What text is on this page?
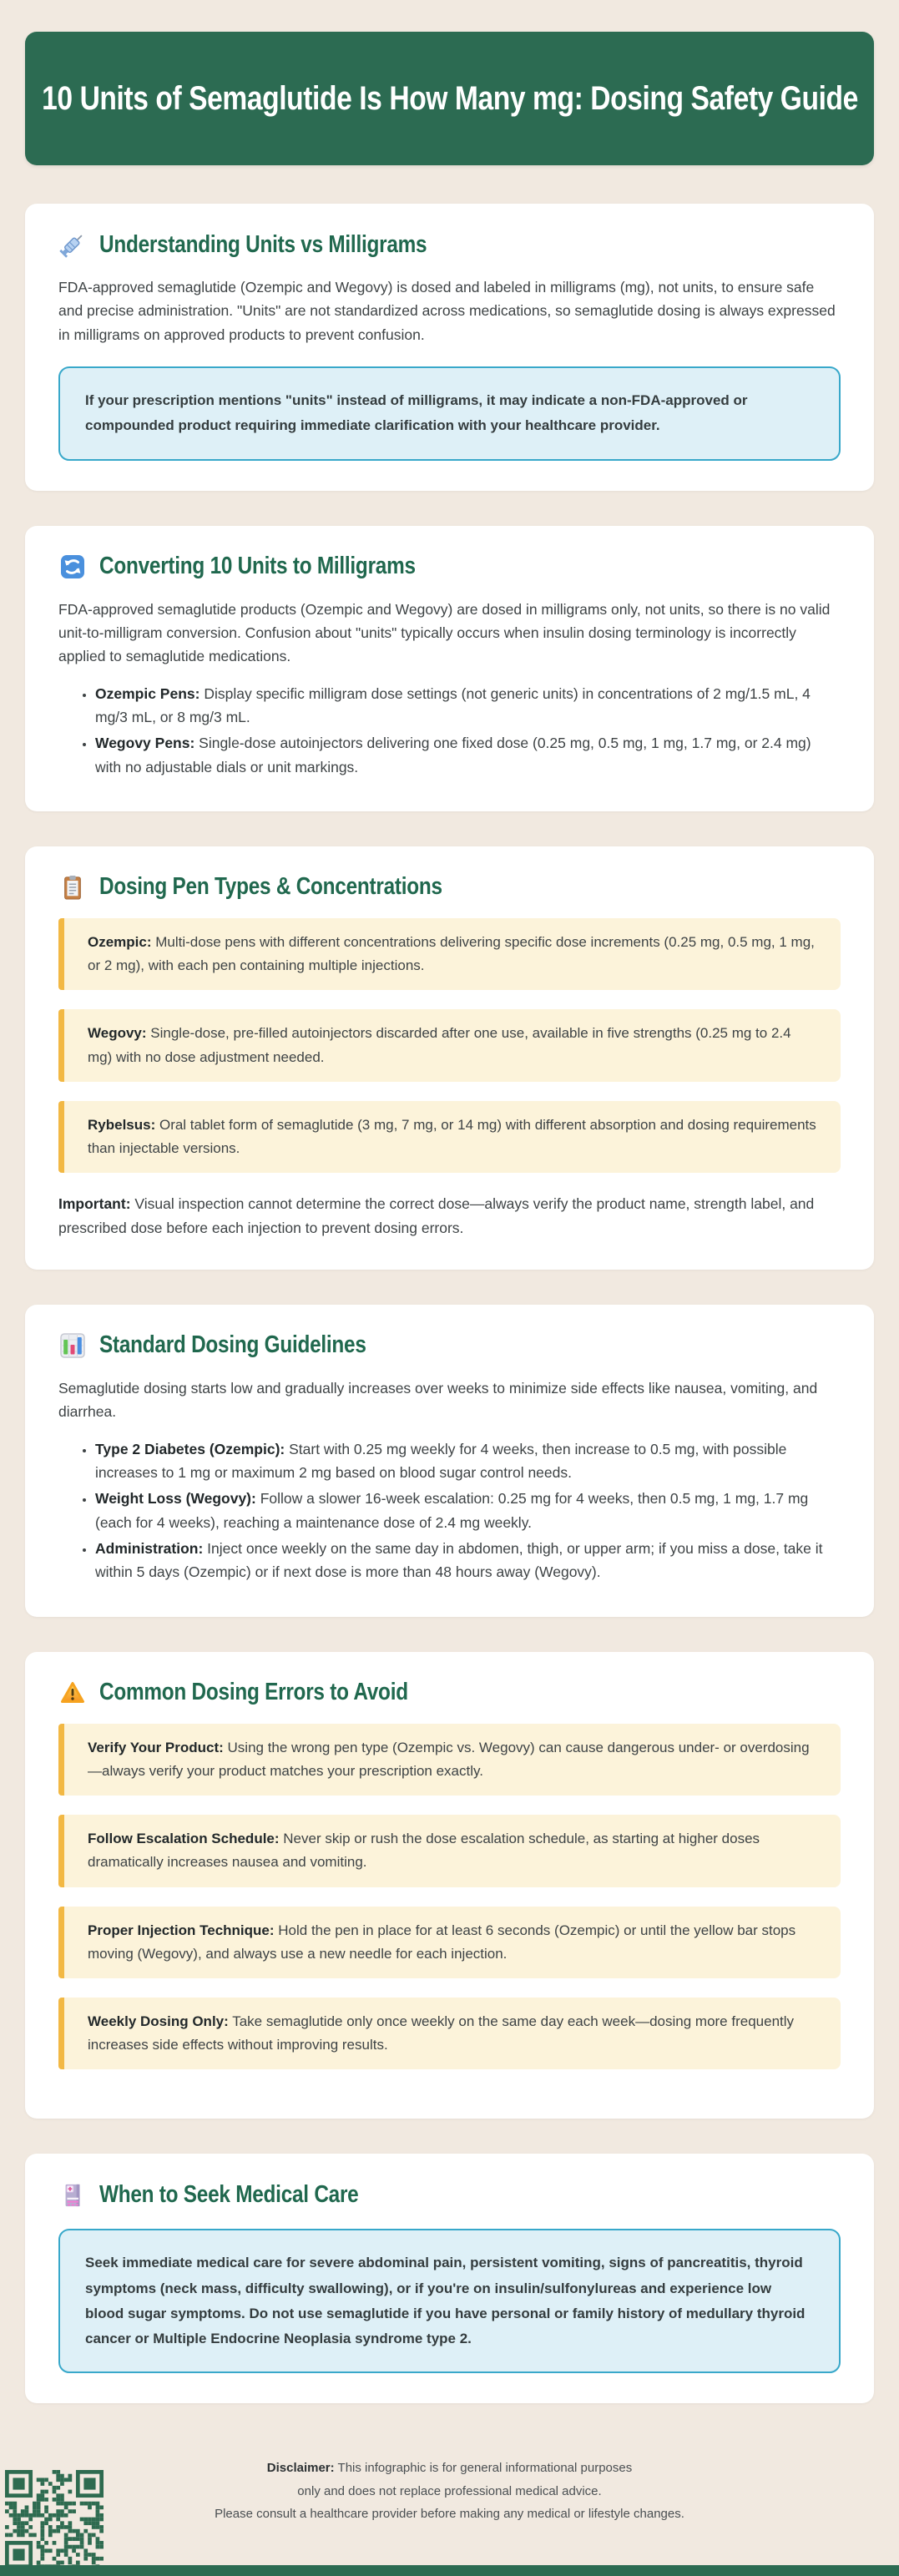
10 Units of Semaglutide Is How Many mg: Dosing Safety Guide
Understanding Units vs Milligrams

FDA-approved semaglutide (Ozempic and Wegovy) is dosed and labeled in milligrams (mg), not units, to ensure safe and precise administration. "Units" are not standardized across medications, so semaglutide dosing is always expressed in milligrams on approved products to prevent confusion.

If your prescription mentions "units" instead of milligrams, it may indicate a non-FDA-approved or compounded product requiring immediate clarification with your healthcare provider.
Converting 10 Units to Milligrams

FDA-approved semaglutide products (Ozempic and Wegovy) are dosed in milligrams only, not units, so there is no valid unit-to-milligram conversion. Confusion about "units" typically occurs when insulin dosing terminology is incorrectly applied to semaglutide medications.

• Ozempic Pens: Display specific milligram dose settings (not generic units) in concentrations of 2 mg/1.5 mL, 4 mg/3 mL, or 8 mg/3 mL.
• Wegovy Pens: Single-dose autoinjectors delivering one fixed dose (0.25 mg, 0.5 mg, 1 mg, 1.7 mg, or 2.4 mg) with no adjustable dials or unit markings.
Dosing Pen Types & Concentrations
Ozempic: Multi-dose pens with different concentrations delivering specific dose increments (0.25 mg, 0.5 mg, 1 mg, or 2 mg), with each pen containing multiple injections.
Wegovy: Single-dose, pre-filled autoinjectors discarded after one use, available in five strengths (0.25 mg to 2.4 mg) with no dose adjustment needed.
Rybelsus: Oral tablet form of semaglutide (3 mg, 7 mg, or 14 mg) with different absorption and dosing requirements than injectable versions.

Important: Visual inspection cannot determine the correct dose—always verify the product name, strength label, and prescribed dose before each injection to prevent dosing errors.

Standard Dosing Guidelines

Semaglutide dosing starts low and gradually increases over weeks to minimize side effects like nausea, vomiting, and diarrhea.

• Type 2 Diabetes (Ozempic): Start with 0.25 mg weekly for 4 weeks, then increase to 0.5 mg, with possible increases to 1 mg or maximum 2 mg based on blood sugar control needs.
• Weight Loss (Wegovy): Follow a slower 16-week escalation: 0.25 mg for 4 weeks, then 0.5 mg, 1 mg, 1.7 mg (each for 4 weeks), reaching a maintenance dose of 2.4 mg weekly.
• Administration: Inject once weekly on the same day in abdomen, thigh, or upper arm; if you miss a dose, take it within 5 days (Ozempic) or if next dose is more than 48 hours away (Wegovy).
Common Dosing Errors to Avoid
Verify Your Product: Using the wrong pen type (Ozempic vs. Wegovy) can cause dangerous under- or overdosing—always verify your product matches your prescription exactly.
Follow Escalation Schedule: Never skip or rush the dose escalation schedule, as starting at higher doses dramatically increases nausea and vomiting.
Proper Injection Technique: Hold the pen in place for at least 6 seconds (Ozempic) or until the yellow bar stops moving (Wegovy), and always use a new needle for each injection.
Weekly Dosing Only: Take semaglutide only once weekly on the same day each week—dosing more frequently increases side effects without improving results.
When to Seek Medical Care
Seek immediate medical care for severe abdominal pain, persistent vomiting, signs of pancreatitis, thyroid symptoms (neck mass, difficulty swallowing), or if you're on insulin/sulfonylureas and experience low blood sugar symptoms. Do not use semaglutide if you have personal or family history of medullary thyroid cancer or Multiple Endocrine Neoplasia syndrome type 2.
Disclaimer: This infographic is for general informational purposes
only and does not replace professional medical advice.
Please consult a healthcare provider before making any medical or lifestyle changes.
